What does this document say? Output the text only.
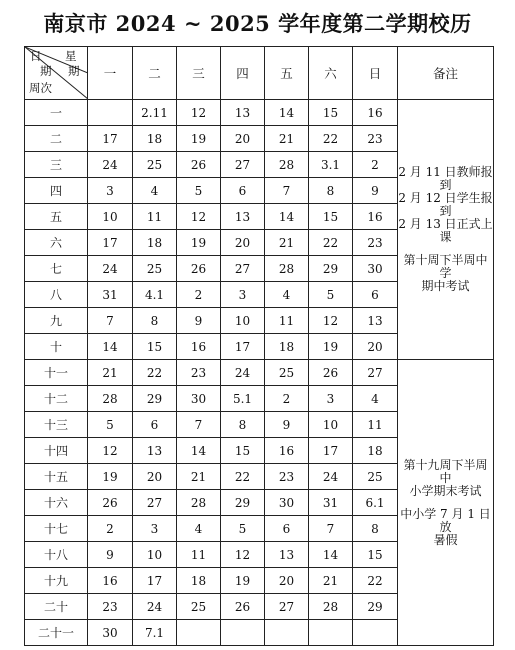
南京市 2024 ~ 2025 学年度第二学期校历
日 星
期 期
周次	一	二	三	四	五	六	日	备注
一		2.11	12	13	14	15	16	2 月 11 日教师报到

2 月 12 日学生报到

2 月 13 日正式上课

第十周下半周中学

期中考试

二	17	18	19	20	21	22	23	
三	24	25	26	27	28	3.1	2	
四	3	4	5	6	7	8	9	
五	10	11	12	13	14	15	16	
六	17	18	19	20	21	22	23	
七	24	25	26	27	28	29	30	
八	31	4.1	2	3	4	5	6	
九	7	8	9	10	11	12	13	
十	14	15	16	17	18	19	20	
十一	21	22	23	24	25	26	27	第十九周下半周中

小学期末考试

中小学 7 月 1 日放

暑假

十二	28	29	30	5.1	2	3	4	
十三	5	6	7	8	9	10	11	
十四	12	13	14	15	16	17	18	
十五	19	20	21	22	23	24	25	
十六	26	27	28	29	30	31	6.1	
十七	2	3	4	5	6	7	8	
十八	9	10	11	12	13	14	15	
十九	16	17	18	19	20	21	22	
二十	23	24	25	26	27	28	29	
二十一	30	7.1						
